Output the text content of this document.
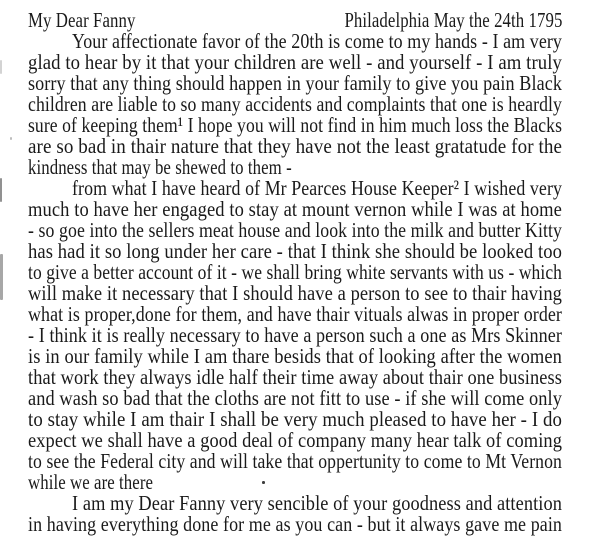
My Dear Fanny	Philadelphia May the 24th 1795
Your affectionate favor of the 20th is come to my hands - I am very
glad to hear by it that your children are well - and yourself - I am truly
sorry that any thing should happen in your family to give you pain Black
children are liable to so many accidents and complaints that one is heardly
sure of keeping them¹ I hope you will not find in him much loss the Blacks
are so bad in thair nature that they have not the least gratatude for the
kindness that may be shewed to them -
from what I have heard of Mr Pearces House Keeper² I wished very
much to have her engaged to stay at mount vernon while I was at home
- so goe into the sellers meat house and look into the milk and butter Kitty
has had it so long under her care - that I think she should be looked too
to give a better account of it - we shall bring white servants with us - which
will make it necessary that I should have a person to see to thair having
what is proper,done for them, and have thair vituals alwas in proper order
- I think it is really necessary to have a person such a one as Mrs Skinner
is in our family while I am thare besids that of looking after the women
that work they always idle half their time away about thair one business
and wash so bad that the cloths are not fitt to use - if she will come only
to stay while I am thair I shall be very much pleased to have her - I do
expect we shall have a good deal of company many hear talk of coming
to see the Federal city and will take that oppertunity to come to Mt Vernon
while we are there
I am my Dear Fanny very sencible of your goodness and attention
in having everything done for me as you can - but it always gave me pain
